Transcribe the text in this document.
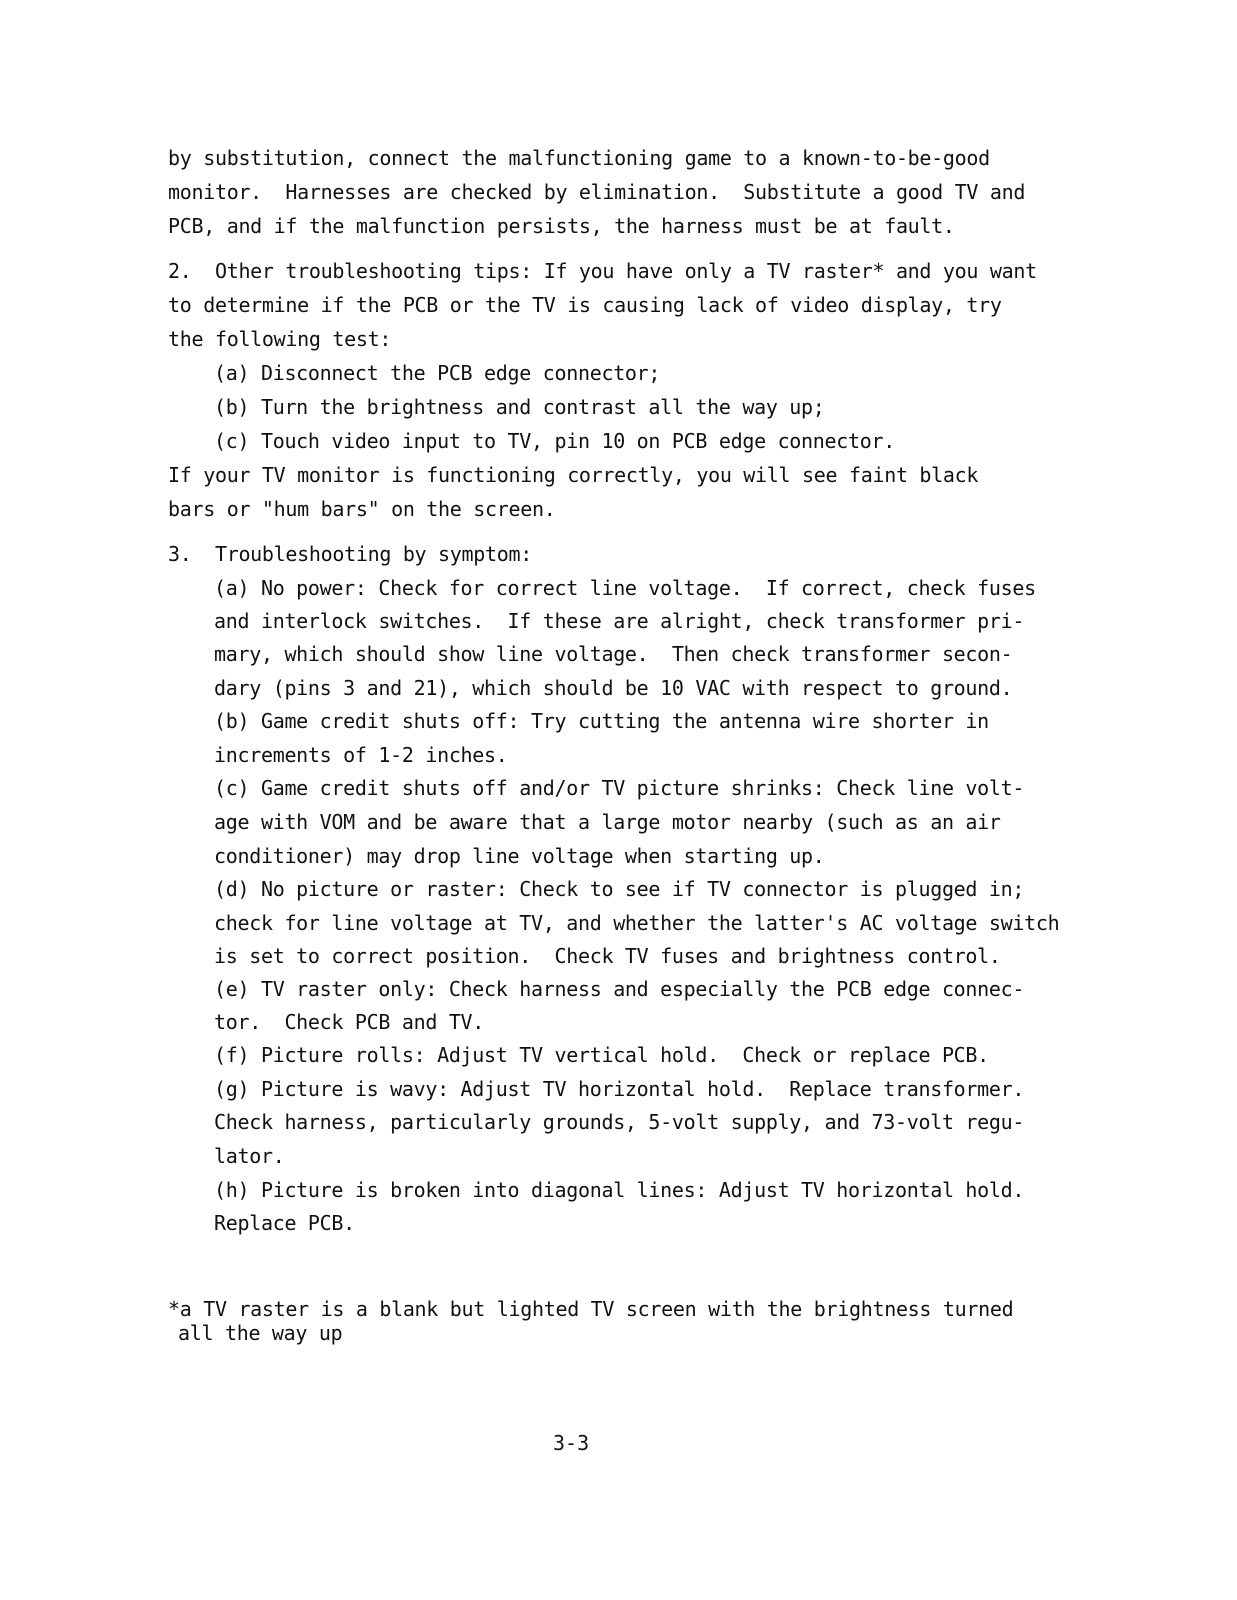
by substitution, connect the malfunctioning game to a known-to-be-good
monitor.  Harnesses are checked by elimination.  Substitute a good TV and
PCB, and if the malfunction persists, the harness must be at fault.
2.  Other troubleshooting tips: If you have only a TV raster* and you want
to determine if the PCB or the TV is causing lack of video display, try
the following test:
(a) Disconnect the PCB edge connector;
(b) Turn the brightness and contrast all the way up;
(c) Touch video input to TV, pin 10 on PCB edge connector.
If your TV monitor is functioning correctly, you will see faint black
bars or "hum bars" on the screen.
3.  Troubleshooting by symptom:
(a) No power: Check for correct line voltage.  If correct, check fuses
and interlock switches.  If these are alright, check transformer pri-
mary, which should show line voltage.  Then check transformer secon-
dary (pins 3 and 21), which should be 10 VAC with respect to ground.
(b) Game credit shuts off: Try cutting the antenna wire shorter in
increments of 1-2 inches.
(c) Game credit shuts off and/or TV picture shrinks: Check line volt-
age with VOM and be aware that a large motor nearby (such as an air
conditioner) may drop line voltage when starting up.
(d) No picture or raster: Check to see if TV connector is plugged in;
check for line voltage at TV, and whether the latter's AC voltage switch
is set to correct position.  Check TV fuses and brightness control.
(e) TV raster only: Check harness and especially the PCB edge connec-
tor.  Check PCB and TV.
(f) Picture rolls: Adjust TV vertical hold.  Check or replace PCB.
(g) Picture is wavy: Adjust TV horizontal hold.  Replace transformer.
Check harness, particularly grounds, 5-volt supply, and 73-volt regu-
lator.
(h) Picture is broken into diagonal lines: Adjust TV horizontal hold.
Replace PCB.
*a TV raster is a blank but lighted TV screen with the brightness turned
all the way up
3-3
